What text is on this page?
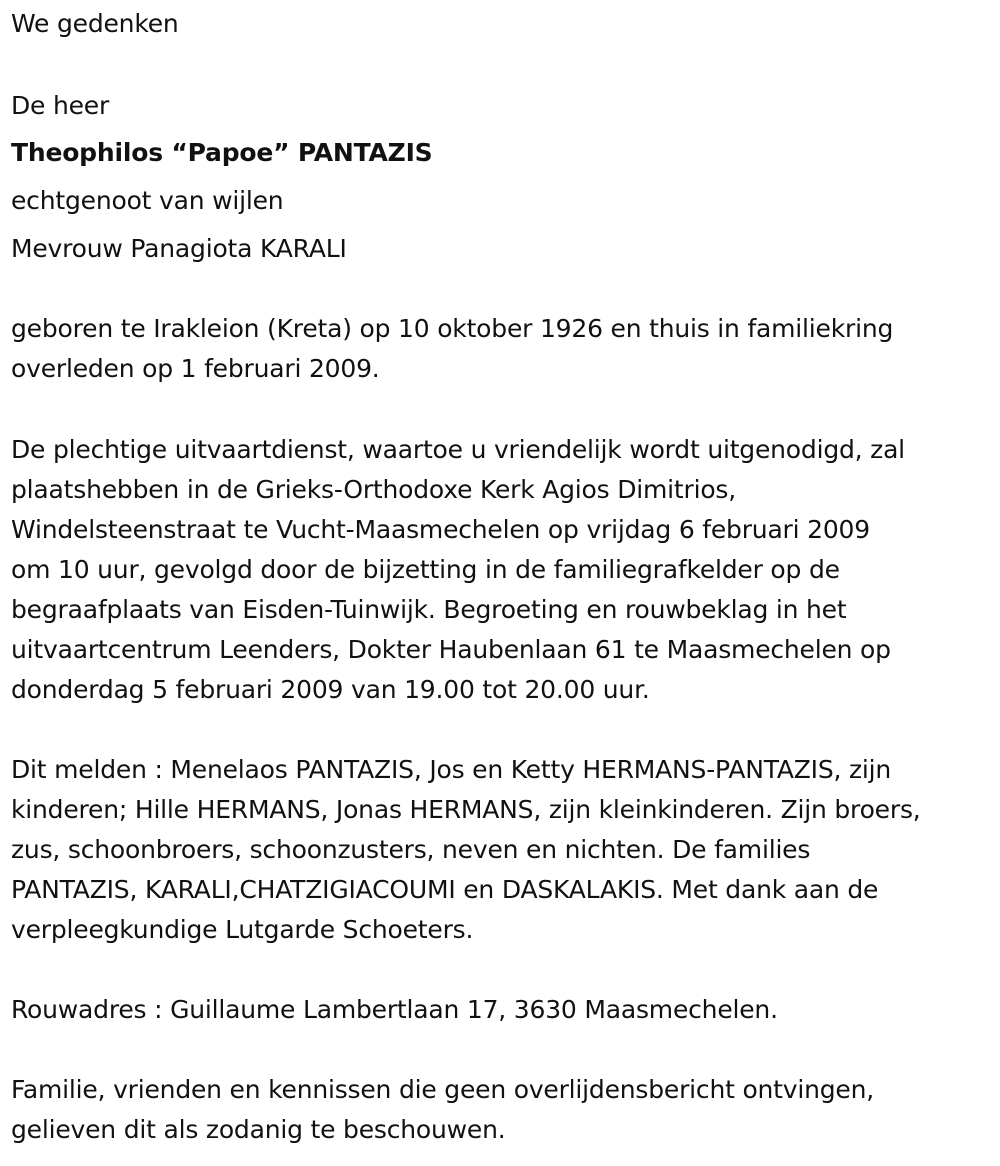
We gedenken
De heer
Theophilos “Papoe” PANTAZIS
echtgenoot van wijlen
Mevrouw Panagiota KARALI
geboren te Irakleion (Kreta) op 10 oktober 1926 en thuis in familiekring
overleden op 1 februari 2009.
De plechtige uitvaartdienst, waartoe u vriendelijk wordt uitgenodigd, zal
plaatshebben in de Grieks-Orthodoxe Kerk Agios Dimitrios,
Windelsteenstraat te Vucht-Maasmechelen op vrijdag 6 februari 2009
om 10 uur, gevolgd door de bijzetting in de familiegrafkelder op de
begraafplaats van Eisden-Tuinwijk. Begroeting en rouwbeklag in het
uitvaartcentrum Leenders, Dokter Haubenlaan 61 te Maasmechelen op
donderdag 5 februari 2009 van 19.00 tot 20.00 uur.
Dit melden : Menelaos PANTAZIS, Jos en Ketty HERMANS-PANTAZIS, zijn
kinderen; Hille HERMANS, Jonas HERMANS, zijn kleinkinderen. Zijn broers,
zus, schoonbroers, schoonzusters, neven en nichten. De families
PANTAZIS, KARALI,CHATZIGIACOUMI en DASKALAKIS. Met dank aan de
verpleegkundige Lutgarde Schoeters.
Rouwadres : Guillaume Lambertlaan 17, 3630 Maasmechelen.
Familie, vrienden en kennissen die geen overlijdensbericht ontvingen,
gelieven dit als zodanig te beschouwen.
